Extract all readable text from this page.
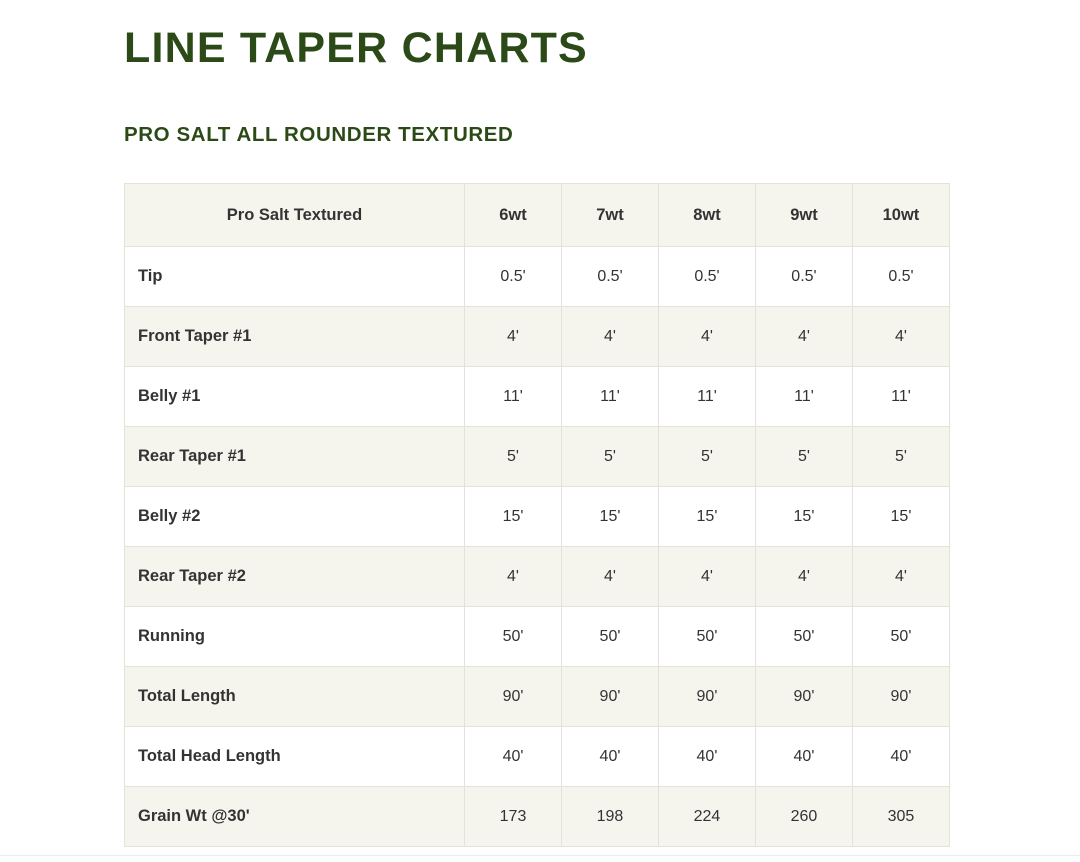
LINE TAPER CHARTS
PRO SALT ALL ROUNDER TEXTURED
Pro Salt Textured	6wt	7wt	8wt	9wt	10wt
Tip	0.5'	0.5'	0.5'	0.5'	0.5'
Front Taper #1	4'	4'	4'	4'	4'
Belly #1	11'	11'	11'	11'	11'
Rear Taper #1	5'	5'	5'	5'	5'
Belly #2	15'	15'	15'	15'	15'
Rear Taper #2	4'	4'	4'	4'	4'
Running	50'	50'	50'	50'	50'
Total Length	90'	90'	90'	90'	90'
Total Head Length	40'	40'	40'	40'	40'
Grain Wt @30'	173	198	224	260	305
